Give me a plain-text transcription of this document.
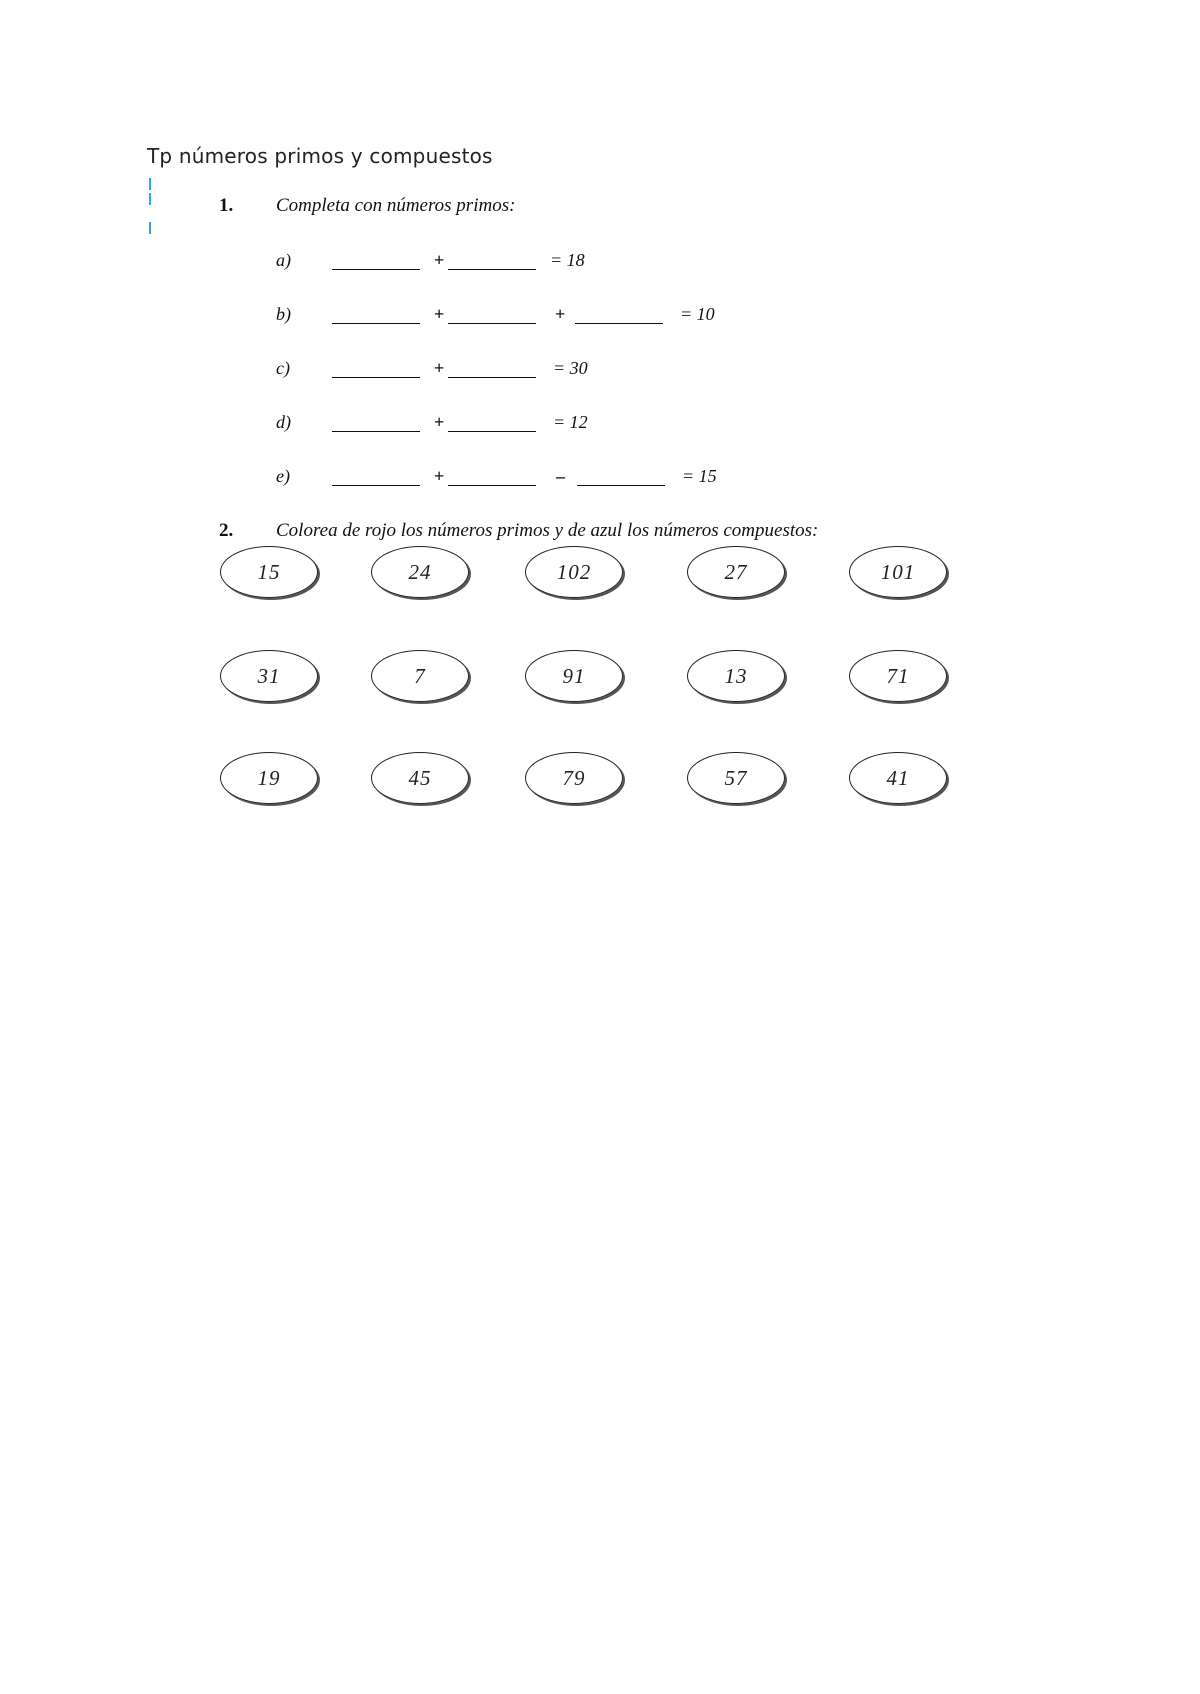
Tp números primos y compuestos
1. Completa con números primos:
a)	+	= 18
b)	+	+	= 10
c)	+	= 30
d)	+	= 12
e)	+	–	= 15
2. Colorea de rojo los números primos y de azul los números compuestos:
15	24	102	27	101
31	7	91	13	71
19	45	79	57	41
